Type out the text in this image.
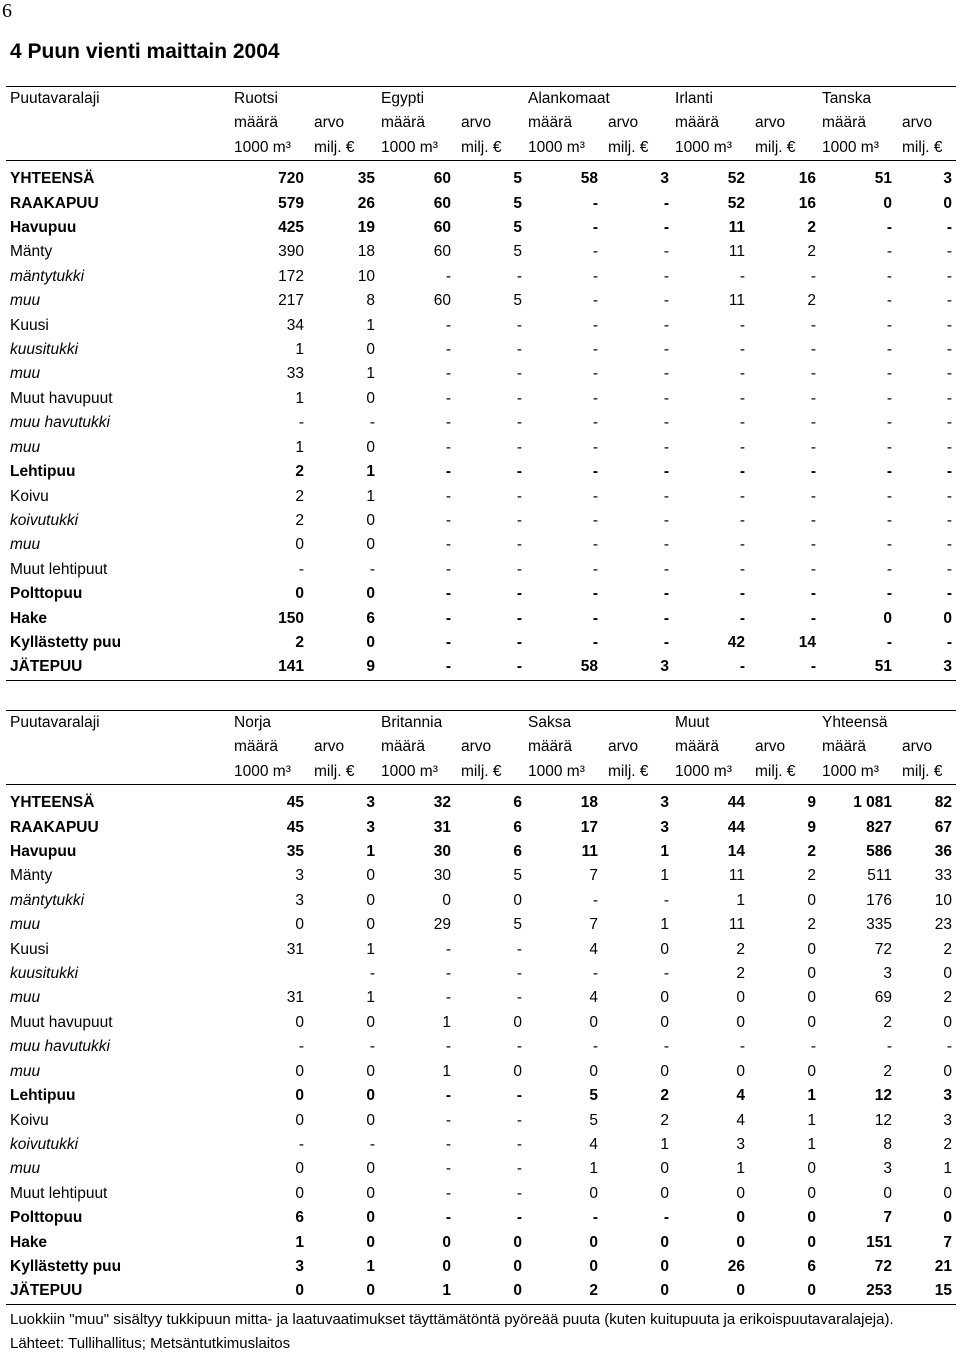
6
4 Puun vienti maittain 2004
Puutavaralaji	Ruotsi		Egypti		Alankomaat		Irlanti		Tanska	
	määrä	arvo	määrä	arvo	määrä	arvo	määrä	arvo	määrä	arvo
	1000 m³	milj. €	1000 m³	milj. €	1000 m³	milj. €	1000 m³	milj. €	1000 m³	milj. €

YHTEENSÄ	720	35	60	5	58	3	52	16	51	3
RAAKAPUU	579	26	60	5	-	-	52	16	0	0
Havupuu	425	19	60	5	-	-	11	2	-	-
Mänty	390	18	60	5	-	-	11	2	-	-
mäntytukki	172	10	-	-	-	-	-	-	-	-
muu	217	8	60	5	-	-	11	2	-	-
Kuusi	34	1	-	-	-	-	-	-	-	-
kuusitukki	1	0	-	-	-	-	-	-	-	-
muu	33	1	-	-	-	-	-	-	-	-
Muut havupuut	1	0	-	-	-	-	-	-	-	-
muu havutukki	-	-	-	-	-	-	-	-	-	-
muu	1	0	-	-	-	-	-	-	-	-
Lehtipuu	2	1	-	-	-	-	-	-	-	-
Koivu	2	1	-	-	-	-	-	-	-	-
koivutukki	2	0	-	-	-	-	-	-	-	-
muu	0	0	-	-	-	-	-	-	-	-
Muut lehtipuut	-	-	-	-	-	-	-	-	-	-
Polttopuu	0	0	-	-	-	-	-	-	-	-
Hake	150	6	-	-	-	-	-	-	0	0
Kyllästetty puu	2	0	-	-	-	-	42	14	-	-
JÄTEPUU	141	9	-	-	58	3	-	-	51	3
Puutavaralaji	Norja		Britannia		Saksa		Muut		Yhteensä	
	määrä	arvo	määrä	arvo	määrä	arvo	määrä	arvo	määrä	arvo
	1000 m³	milj. €	1000 m³	milj. €	1000 m³	milj. €	1000 m³	milj. €	1000 m³	milj. €

YHTEENSÄ	45	3	32	6	18	3	44	9	1 081	82
RAAKAPUU	45	3	31	6	17	3	44	9	827	67
Havupuu	35	1	30	6	11	1	14	2	586	36
Mänty	3	0	30	5	7	1	11	2	511	33
mäntytukki	3	0	0	0	-	-	1	0	176	10
muu	0	0	29	5	7	1	11	2	335	23
Kuusi	31	1	-	-	4	0	2	0	72	2
kuusitukki		-	-	-	-	-	2	0	3	0
muu	31	1	-	-	4	0	0	0	69	2
Muut havupuut	0	0	1	0	0	0	0	0	2	0
muu havutukki	-	-	-	-	-	-	-	-	-	-
muu	0	0	1	0	0	0	0	0	2	0
Lehtipuu	0	0	-	-	5	2	4	1	12	3
Koivu	0	0	-	-	5	2	4	1	12	3
koivutukki	-	-	-	-	4	1	3	1	8	2
muu	0	0	-	-	1	0	1	0	3	1
Muut lehtipuut	0	0	-	-	0	0	0	0	0	0
Polttopuu	6	0	-	-	-	-	0	0	7	0
Hake	1	0	0	0	0	0	0	0	151	7
Kyllästetty puu	3	1	0	0	0	0	26	6	72	21
JÄTEPUU	0	0	1	0	2	0	0	0	253	15
Luokkiin "muu" sisältyy tukkipuun mitta- ja laatuvaatimukset täyttämätöntä pyöreää puuta (kuten kuitupuuta ja erikoispuutavaralajeja).
Lähteet: Tullihallitus; Metsäntutkimuslaitos
